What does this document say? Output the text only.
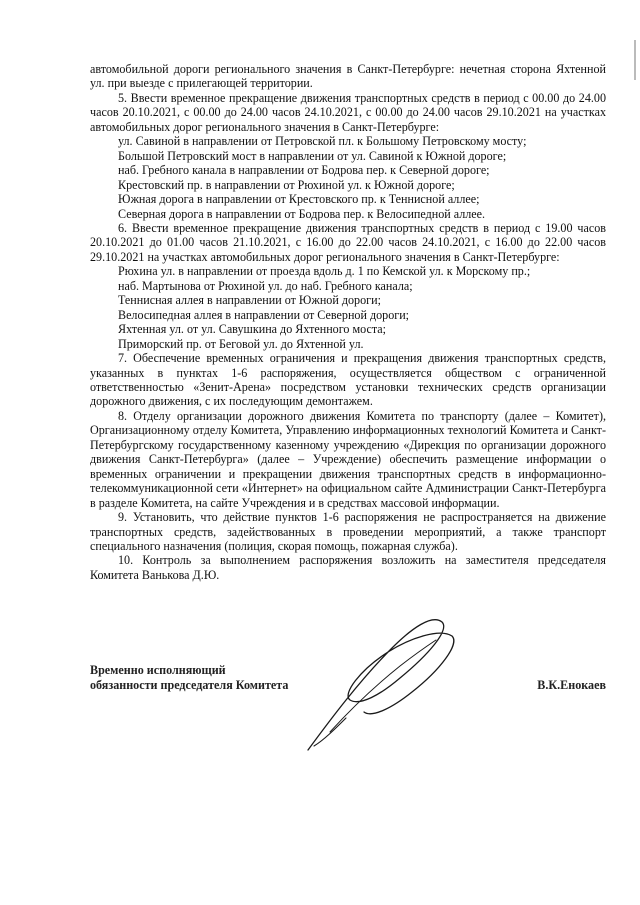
автомобильной дороги регионального значения в Санкт-Петербурге: нечетная сторона Яхтенной ул. при выезде с прилегающей территории.

5. Ввести временное прекращение движения транспортных средств в период с 00.00 до 24.00 часов 20.10.2021, с 00.00 до 24.00 часов 24.10.2021, с 00.00 до 24.00 часов 29.10.2021 на участках автомобильных дорог регионального значения в Санкт-Петербурге:

ул. Савиной в направлении от Петровской пл. к Большому Петровскому мосту;

Большой Петровский мост в направлении от ул. Савиной к Южной дороге;

наб. Гребного канала в направлении от Бодрова пер. к Северной дороге;

Крестовский пр. в направлении от Рюхиной ул. к Южной дороге;

Южная дорога в направлении от Крестовского пр. к Теннисной аллее;

Северная дорога в направлении от Бодрова пер. к Велосипедной аллее.

6. Ввести временное прекращение движения транспортных средств в период с 19.00 часов 20.10.2021 до 01.00 часов 21.10.2021, с 16.00 до 22.00 часов 24.10.2021, с 16.00 до 22.00 часов 29.10.2021 на участках автомобильных дорог регионального значения в Санкт-Петербурге:

Рюхина ул. в направлении от проезда вдоль д. 1 по Кемской ул. к Морскому пр.;

наб. Мартынова от Рюхиной ул. до наб. Гребного канала;

Теннисная аллея в направлении от Южной дороги;

Велосипедная аллея в направлении от Северной дороги;

Яхтенная ул. от ул. Савушкина до Яхтенного моста;

Приморский пр. от Беговой ул. до Яхтенной ул.

7. Обеспечение временных ограничения и прекращения движения транспортных средств, указанных в пунктах 1-6 распоряжения, осуществляется обществом с ограниченной ответственностью «Зенит-Арена» посредством установки технических средств организации дорожного движения, с их последующим демонтажем.

8. Отделу организации дорожного движения Комитета по транспорту (далее – Комитет), Организационному отделу Комитета, Управлению информационных технологий Комитета и Санкт-Петербургскому государственному казенному учреждению «Дирекция по организации дорожного движения Санкт-Петербурга» (далее – Учреждение) обеспечить размещение информации о временных ограничении и прекращении движения транспортных средств в информационно-телекоммуникационной сети «Интернет» на официальном сайте Администрации Санкт-Петербурга в разделе Комитета, на сайте Учреждения и в средствах массовой информации.

9. Установить, что действие пунктов 1-6 распоряжения не распространяется на движение транспортных средств, задействованных в проведении мероприятий, а также транспорт специального назначения (полиция, скорая помощь, пожарная служба).

10. Контроль за выполнением распоряжения возложить на заместителя председателя Комитета Ванькова Д.Ю.

Временно исполняющий
обязанности председателя Комитета	В.К.Енокаев
